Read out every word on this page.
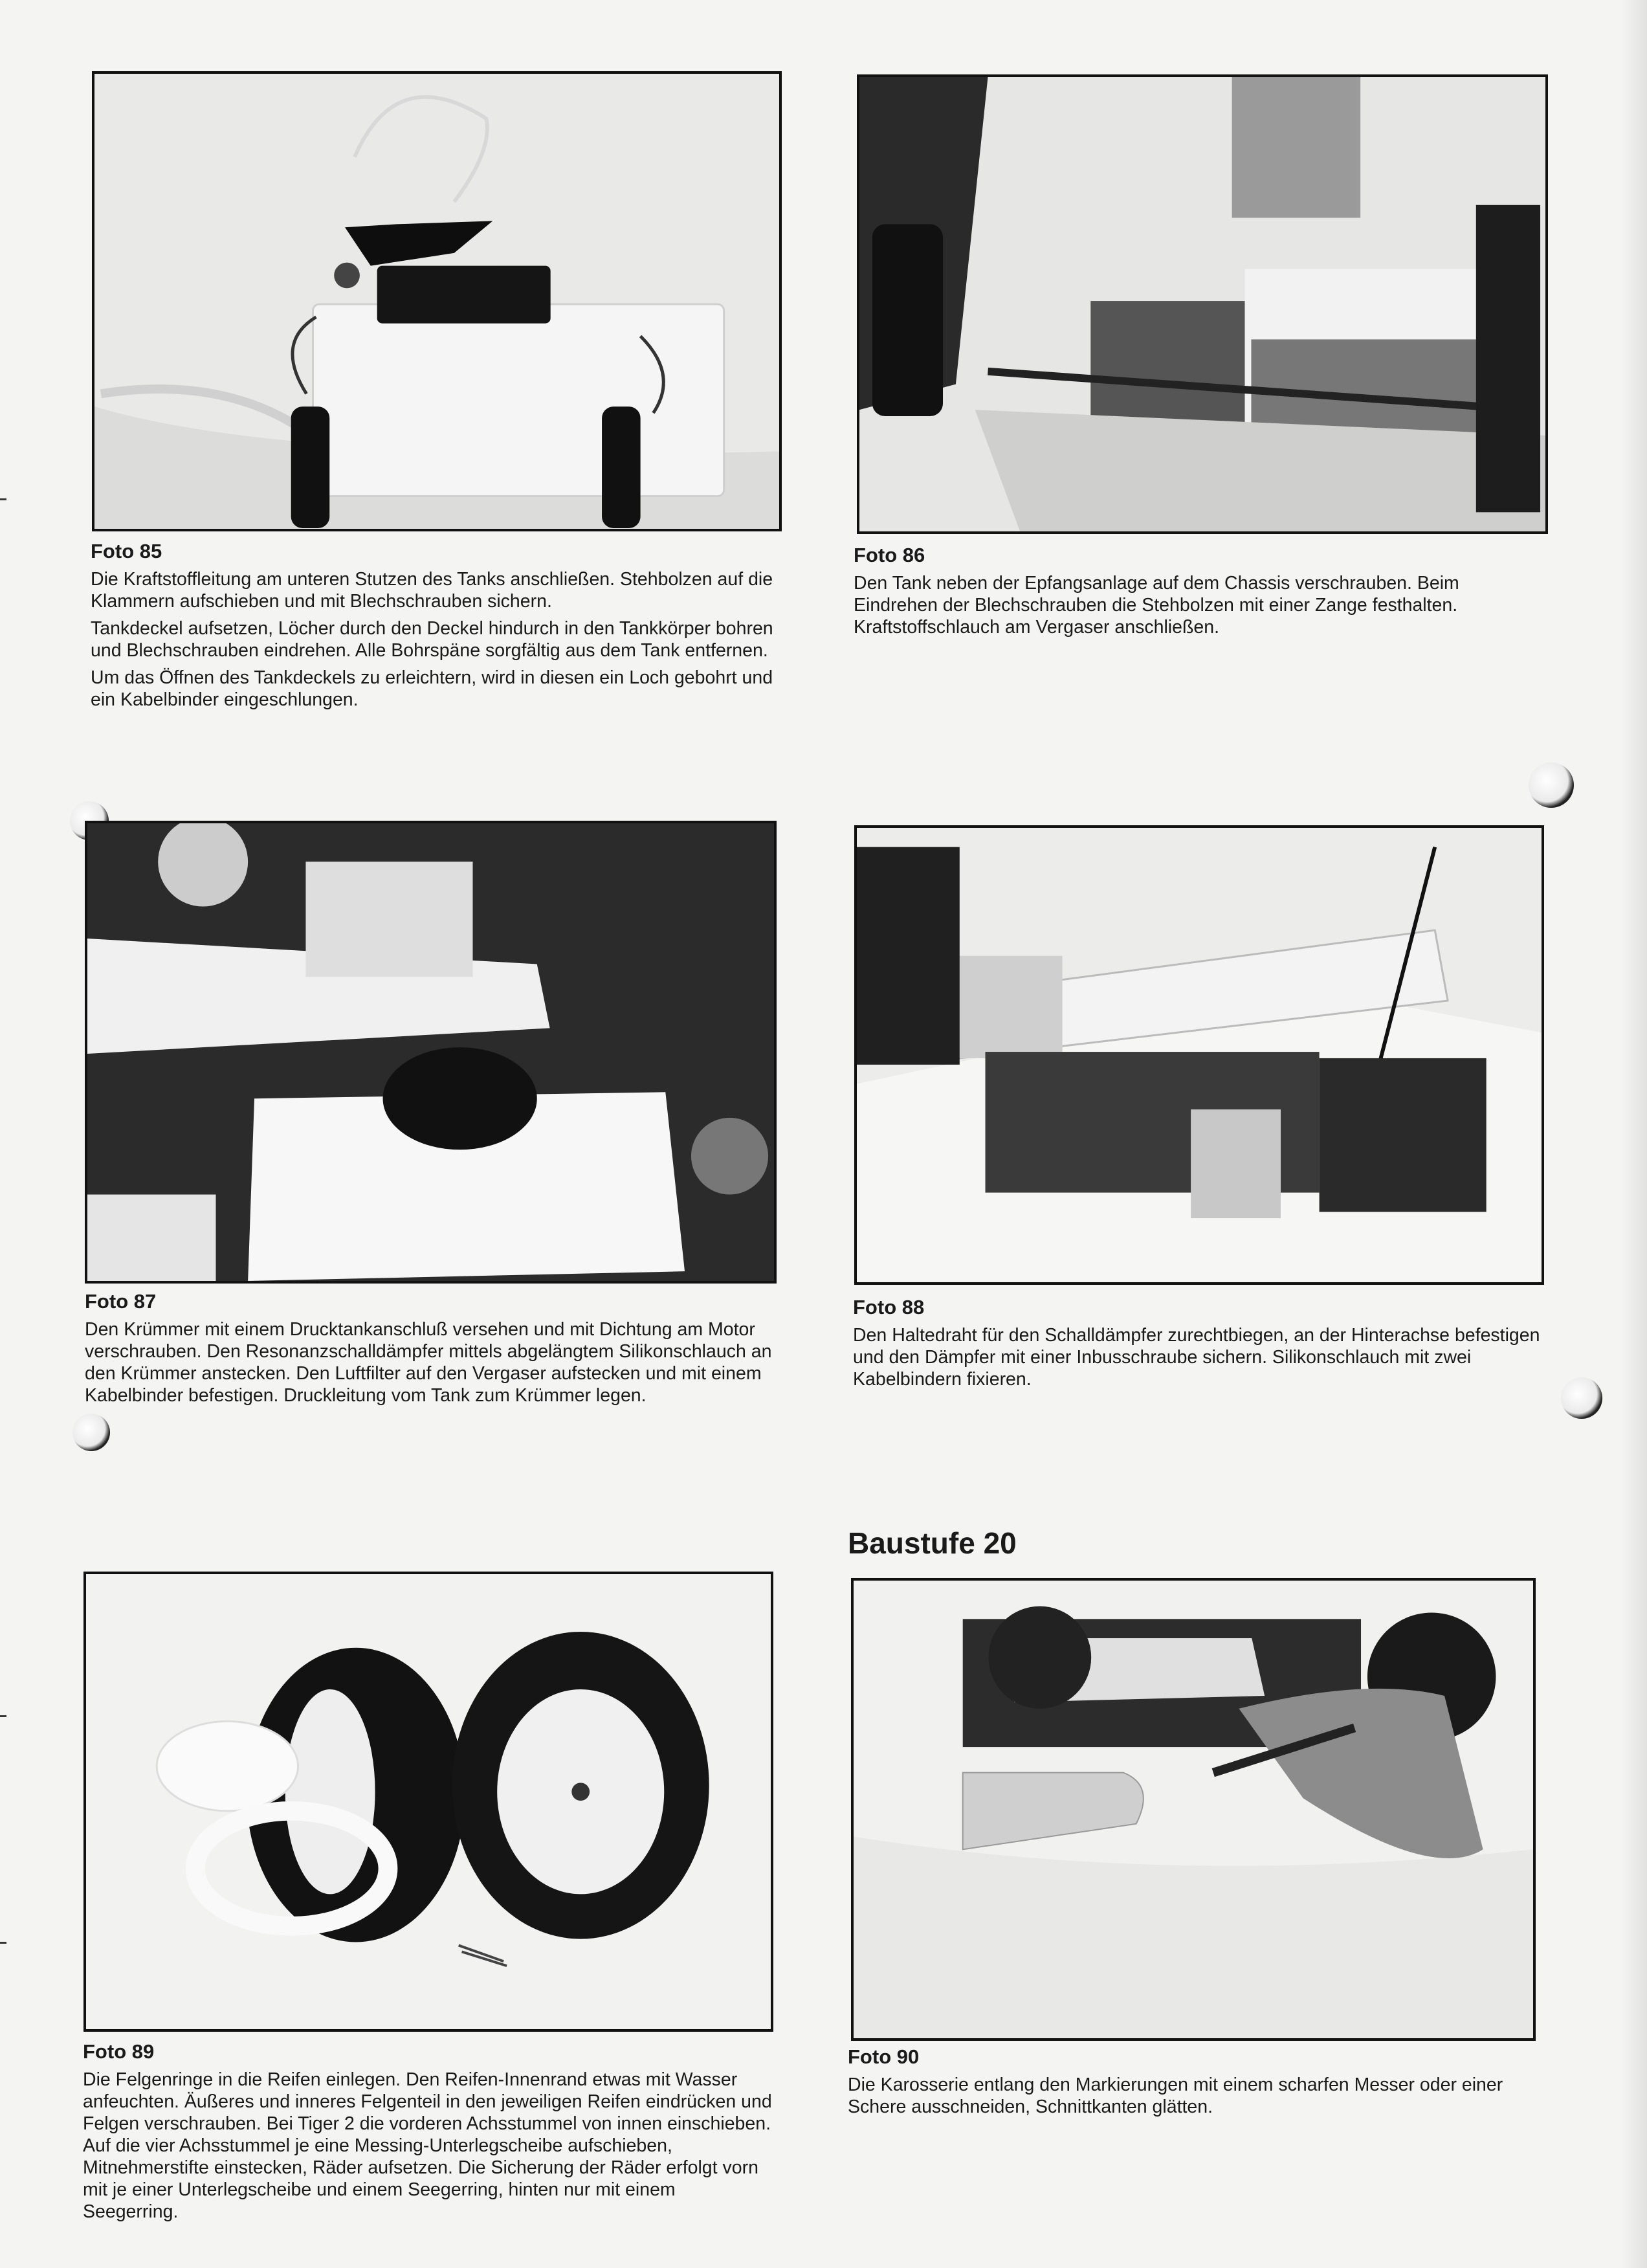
Foto 85

Die Kraftstoffleitung am unteren Stutzen des Tanks anschließen. Stehbolzen auf die Klammern aufschieben und mit Blechschrauben sichern.

Tankdeckel aufsetzen, Löcher durch den Deckel hindurch in den Tankkörper bohren und Blechschrauben eindrehen. Alle Bohrspäne sorgfältig aus dem Tank entfernen.

Um das Öffnen des Tankdeckels zu erleichtern, wird in diesen ein Loch gebohrt und ein Kabelbinder eingeschlungen.

Foto 86

Den Tank neben der Epfangsanlage auf dem Chassis verschrauben. Beim Eindrehen der Blechschrauben die Stehbolzen mit einer Zange festhalten. Kraftstoffschlauch am Vergaser anschließen.

Foto 87

Den Krümmer mit einem Drucktankanschluß versehen und mit Dichtung am Motor verschrauben. Den Resonanzschalldämpfer mittels abgelängtem Silikonschlauch an den Krümmer anstecken. Den Luftfilter auf den Vergaser aufstecken und mit einem Kabelbinder befestigen. Druckleitung vom Tank zum Krümmer legen.

Foto 88

Den Haltedraht für den Schalldämpfer zurechtbiegen, an der Hinterachse befestigen und den Dämpfer mit einer Inbusschraube sichern. Silikonschlauch mit zwei Kabelbindern fixieren.

Baustufe 20
Foto 89

Die Felgenringe in die Reifen einlegen. Den Reifen-Innenrand etwas mit Wasser anfeuchten. Äußeres und inneres Felgenteil in den jeweiligen Reifen eindrücken und Felgen verschrauben. Bei Tiger 2 die vorderen Achsstummel von innen einschieben. Auf die vier Achsstummel je eine Messing-Unterlegscheibe aufschieben, Mitnehmerstifte einstecken, Räder aufsetzen. Die Sicherung der Räder erfolgt vorn mit je einer Unterlegscheibe und einem Seegerring, hinten nur mit einem Seegerring.

Foto 90

Die Karosserie entlang den Markierungen mit einem scharfen Messer oder einer Schere ausschneiden, Schnittkanten glätten.
